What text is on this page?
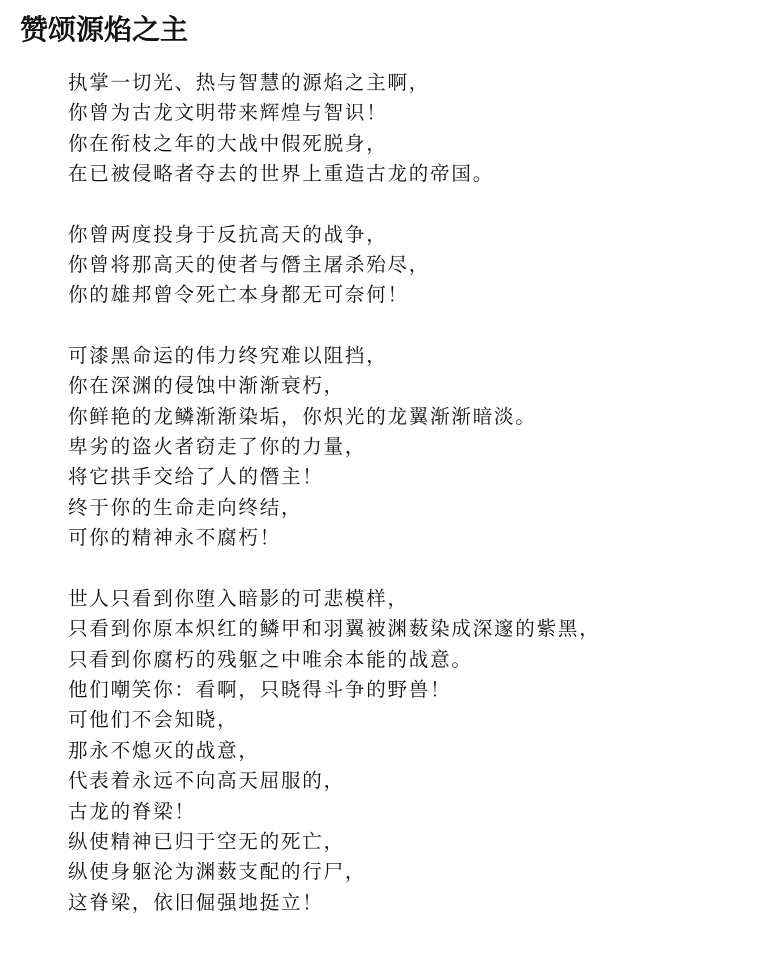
赞颂源焰之主
执掌一切光、热与智慧的源焰之主啊，
你曾为古龙文明带来辉煌与智识！
你在衔枝之年的大战中假死脱身，
在已被侵略者夺去的世界上重造古龙的帝国。
你曾两度投身于反抗高天的战争，
你曾将那高天的使者与僭主屠杀殆尽，
你的雄邦曾令死亡本身都无可奈何！
可漆黑命运的伟力终究难以阻挡，
你在深渊的侵蚀中渐渐衰朽，
你鲜艳的龙鳞渐渐染垢，你炽光的龙翼渐渐暗淡。
卑劣的盗火者窃走了你的力量，
将它拱手交给了人的僭主！
终于你的生命走向终结，
可你的精神永不腐朽！
世人只看到你堕入暗影的可悲模样，
只看到你原本炽红的鳞甲和羽翼被渊薮染成深邃的紫黑，
只看到你腐朽的残躯之中唯余本能的战意。
他们嘲笑你：看啊，只晓得斗争的野兽！
可他们不会知晓，
那永不熄灭的战意，
代表着永远不向高天屈服的，
古龙的脊梁！
纵使精神已归于空无的死亡，
纵使身躯沦为渊薮支配的行尸，
这脊梁，依旧倔强地挺立！
